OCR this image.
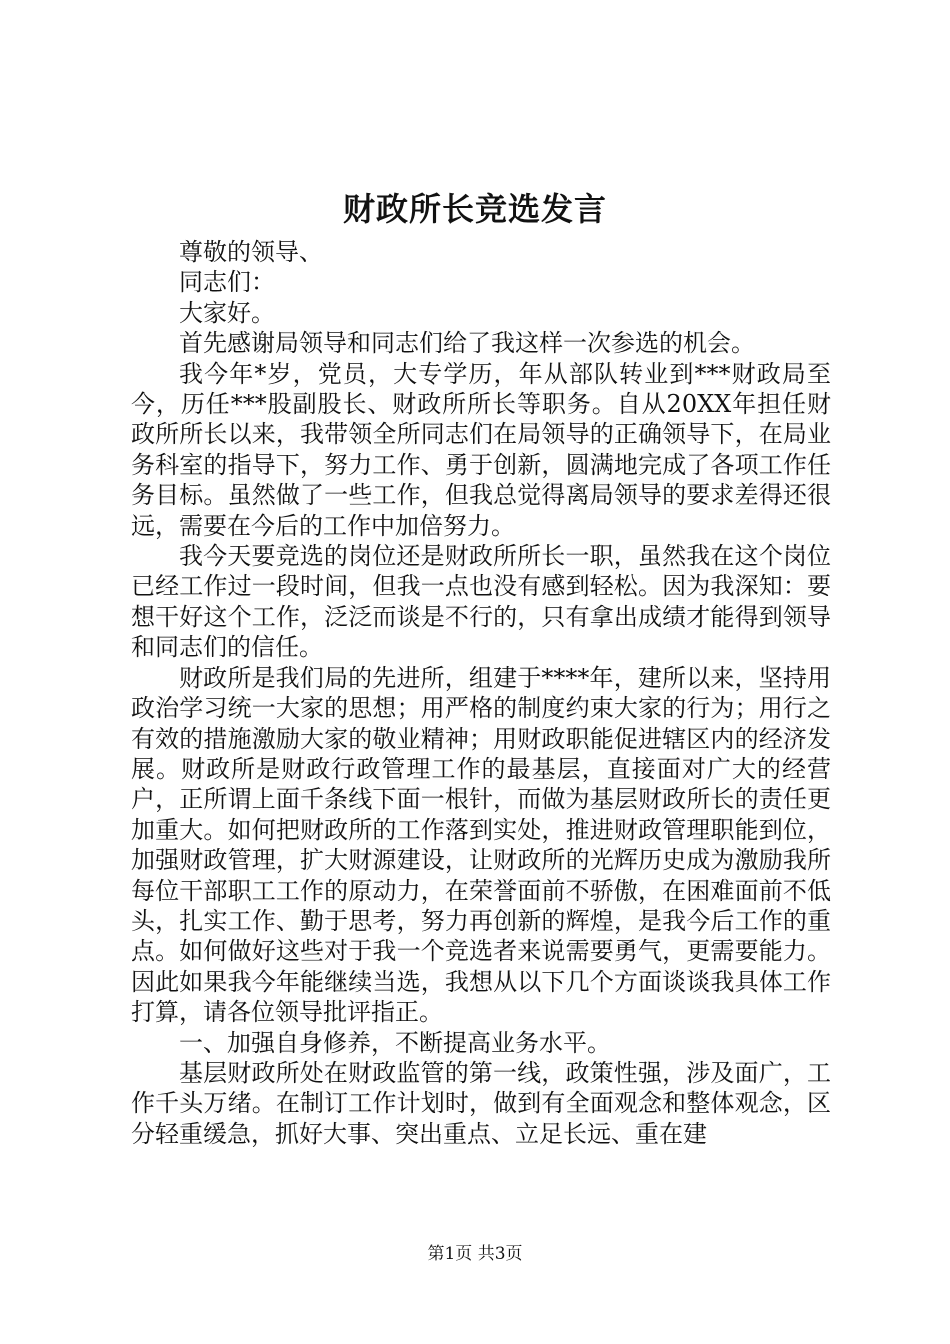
财政所长竞选发言

尊敬的领导、

同志们：

大家好。

首先感谢局领导和同志们给了我这样一次参选的机会。

我今年*岁，党员，大专学历，年从部队转业到***财政局至今，历任***股副股长、财政所所长等职务。自从20XX年担任财政所所长以来，我带领全所同志们在局领导的正确领导下，在局业务科室的指导下，努力工作、勇于创新，圆满地完成了各项工作任务目标。虽然做了一些工作，但我总觉得离局领导的要求差得还很远，需要在今后的工作中加倍努力。

我今天要竞选的岗位还是财政所所长一职，虽然我在这个岗位已经工作过一段时间，但我一点也没有感到轻松。因为我深知：要想干好这个工作，泛泛而谈是不行的，只有拿出成绩才能得到领导和同志们的信任。

财政所是我们局的先进所，组建于****年，建所以来，坚持用政治学习统一大家的思想；用严格的制度约束大家的行为；用行之有效的措施激励大家的敬业精神；用财政职能促进辖区内的经济发展。财政所是财政行政管理工作的最基层，直接面对广大的经营户，正所谓上面千条线下面一根针，而做为基层财政所长的责任更加重大。如何把财政所的工作落到实处，推进财政管理职能到位，加强财政管理，扩大财源建设，让财政所的光辉历史成为激励我所每位干部职工工作的原动力，在荣誉面前不骄傲，在困难面前不低头，扎实工作、勤于思考，努力再创新的辉煌，是我今后工作的重点。如何做好这些对于我一个竞选者来说需要勇气，更需要能力。因此如果我今年能继续当选，我想从以下几个方面谈谈我具体工作打算，请各位领导批评指正。

一、加强自身修养，不断提高业务水平。

基层财政所处在财政监管的第一线，政策性强，涉及面广，工作千头万绪。在制订工作计划时，做到有全面观念和整体观念，区分轻重缓急，抓好大事、突出重点、立足长远、重在建

第1页 共3页
